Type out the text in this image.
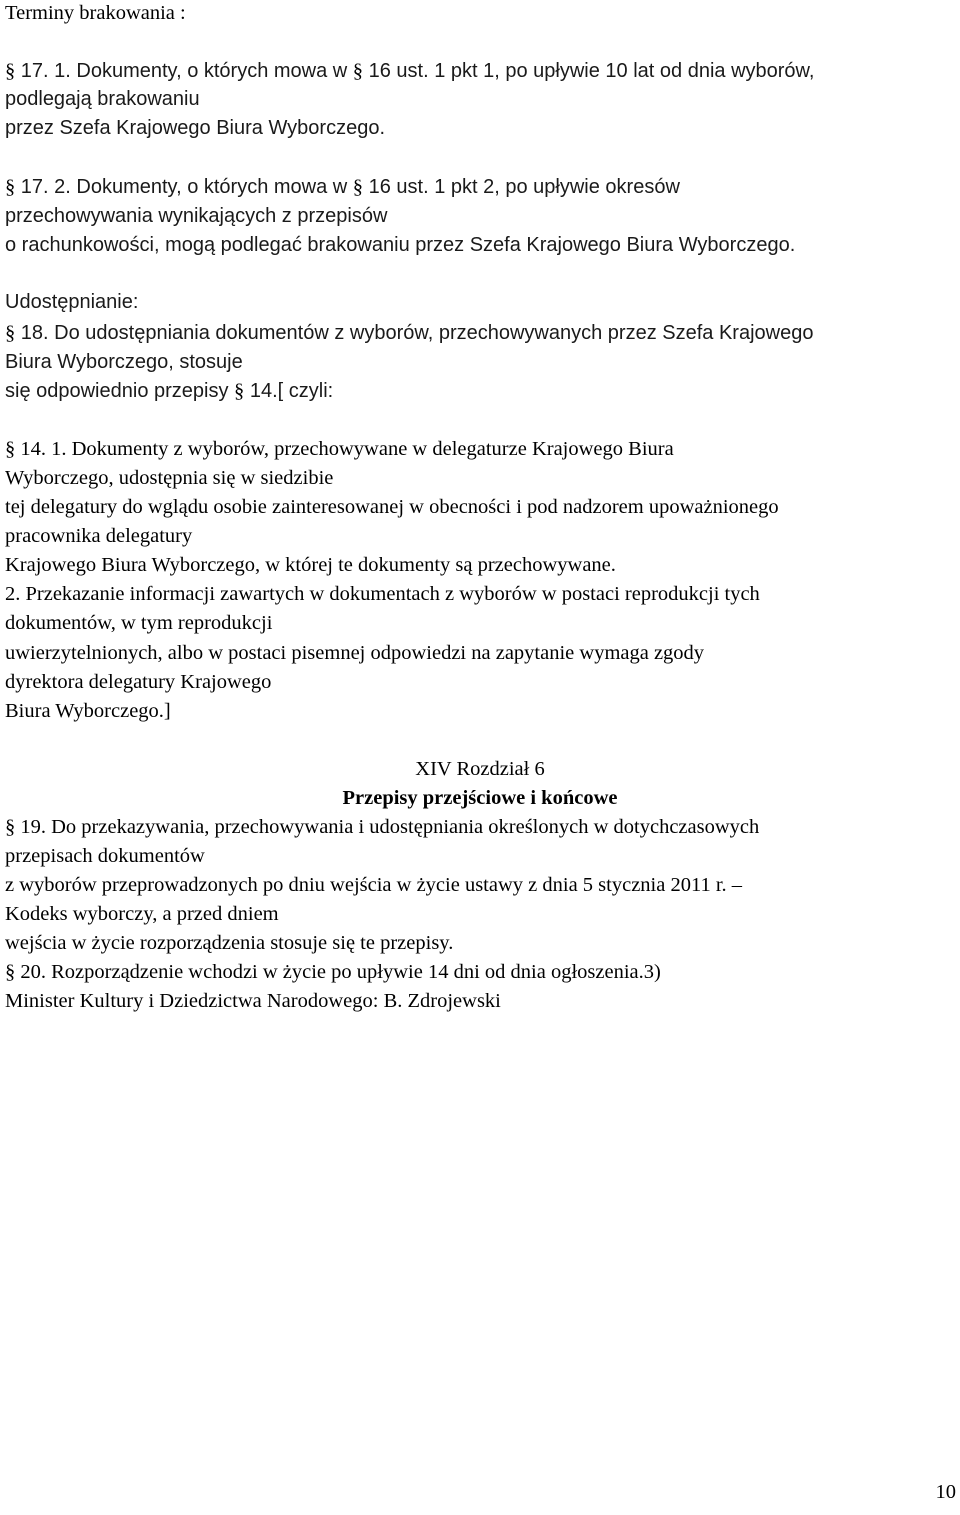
Terminy brakowania :
§ 17. 1. Dokumenty, o których mowa w § 16 ust. 1 pkt 1, po upływie 10 lat od dnia wyborów,
podlegają brakowaniu
przez Szefa Krajowego Biura Wyborczego.
§ 17. 2. Dokumenty, o których mowa w § 16 ust. 1 pkt 2, po upływie okresów
przechowywania wynikających z przepisów
o rachunkowości, mogą podlegać brakowaniu przez Szefa Krajowego Biura Wyborczego.
Udostępnianie:
§ 18. Do udostępniania dokumentów z wyborów, przechowywanych przez Szefa Krajowego
Biura Wyborczego, stosuje
się odpowiednio przepisy § 14.[ czyli:
§ 14. 1. Dokumenty z wyborów, przechowywane w delegaturze Krajowego Biura
Wyborczego, udostępnia się w siedzibie
tej delegatury do wglądu osobie zainteresowanej w obecności i pod nadzorem upoważnionego
pracownika delegatury
Krajowego Biura Wyborczego, w której te dokumenty są przechowywane.
2. Przekazanie informacji zawartych w dokumentach z wyborów w postaci reprodukcji tych
dokumentów, w tym reprodukcji
uwierzytelnionych, albo w postaci pisemnej odpowiedzi na zapytanie wymaga zgody
dyrektora delegatury Krajowego
Biura Wyborczego.]
XIV Rozdział 6
Przepisy przejściowe i końcowe
§ 19. Do przekazywania, przechowywania i udostępniania określonych w dotychczasowych
przepisach dokumentów
z wyborów przeprowadzonych po dniu wejścia w życie ustawy z dnia 5 stycznia 2011 r. –
Kodeks wyborczy, a przed dniem
wejścia w życie rozporządzenia stosuje się te przepisy.
§ 20. Rozporządzenie wchodzi w życie po upływie 14 dni od dnia ogłoszenia.3)
Minister Kultury i Dziedzictwa Narodowego: B. Zdrojewski
10
